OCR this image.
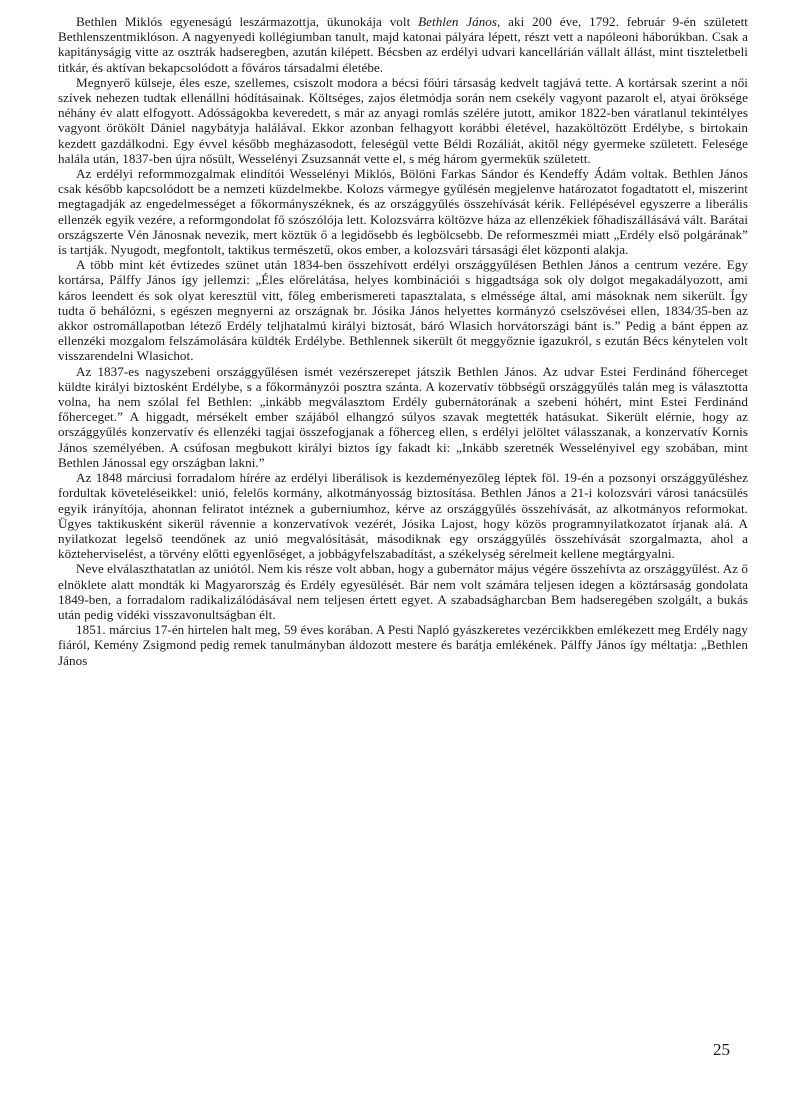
Bethlen Miklós egyeneságú leszármazottja, ükunokája volt Bethlen János, aki 200 éve, 1792. február 9-én született Bethlenszentmiklóson. A nagyenyedi kollégiumban tanult, majd katonai pályára lépett, részt vett a napóleoni háborúkban. Csak a kapitányságig vitte az osztrák hadseregben, azután kilépett. Bécsben az erdélyi udvari kancellárián vállalt állást, mint tiszteletbeli titkár, és aktívan bekapcsolódott a főváros társadalmi életébe.

Megnyerő külseje, éles esze, szellemes, csiszolt modora a bécsi főúri társaság kedvelt tagjává tette. A kortársak szerint a női szívek nehezen tudtak ellenállni hódításainak. Költséges, zajos életmódja során nem csekély vagyont pazarolt el, atyai öröksége néhány év alatt elfogyott. Adósságokba keveredett, s már az anyagi romlás szélére jutott, amikor 1822-ben váratlanul tekintélyes vagyont örökölt Dániel nagybátyja halálával. Ekkor azonban felhagyott korábbi életével, hazaköltözött Erdélybe, s birtokain kezdett gazdálkodni. Egy évvel később megházasodott, feleségül vette Béldi Rozáliát, akitől négy gyermeke született. Felesége halála után, 1837-ben újra nősült, Wesselényi Zsuzsannát vette el, s még három gyermekük született.

Az erdélyi reformmozgalmak elindítói Wesselényi Miklós, Bölöni Farkas Sándor és Kendeffy Ádám voltak. Bethlen János csak később kapcsolódott be a nemzeti küzdelmekbe. Kolozs vármegye gyűlésén megjelenve határozatot fogadtatott el, miszerint megtagadják az engedelmességet a főkormányszéknek, és az országgyűlés összehívását kérik. Fellépésével egyszerre a liberális ellenzék egyik vezére, a reformgondolat fő szószólója lett. Kolozsvárra költözve háza az ellenzékiek főhadiszállásává vált. Barátai országszerte Vén Jánosnak nevezik, mert köztük ő a legidősebb és legbölcsebb. De reformeszméi miatt „Erdély első polgárának” is tartják. Nyugodt, megfontolt, taktikus természetű, okos ember, a kolozsvári társasági élet központi alakja.

A több mint két évtizedes szünet után 1834-ben összehívott erdélyi országgyűlésen Bethlen János a centrum vezére. Egy kortársa, Pálffy János így jellemzi: „Éles előrelátása, helyes kombinációi s higgadtsága sok oly dolgot megakadályozott, ami káros leendett és sok olyat keresztül vitt, főleg emberismereti tapasztalata, s elméssége által, ami másoknak nem sikerült. Így tudta ő behálózni, s egészen megnyerni az országnak br. Jósika János helyettes kormányzó cselszövései ellen, 1834/35-ben az akkor ostromállapotban létező Erdély teljhatalmú királyi biztosát, báró Wlasich horvátországi bánt is.” Pedig a bánt éppen az ellenzéki mozgalom felszámolására küldték Erdélybe. Bethlennek sikerült őt meggyőznie igazukról, s ezután Bécs kénytelen volt visszarendelni Wlasichot.

Az 1837-es nagyszebeni országgyűlésen ismét vezérszerepet játszik Bethlen János. Az udvar Estei Ferdinánd főherceget küldte királyi biztosként Erdélybe, s a főkormányzói posztra szánta. A kozervatív többségű országgyűlés talán meg is választotta volna, ha nem szólal fel Bethlen: „inkább megválasztom Erdély gubernátorának a szebeni hóhért, mint Estei Ferdinánd főherceget.” A higgadt, mérsékelt ember szájából elhangzó súlyos szavak megtették hatásukat. Sikerült elérnie, hogy az országgyűlés konzervatív és ellenzéki tagjai összefogjanak a főherceg ellen, s erdélyi jelöltet válasszanak, a konzervatív Kornis János személyében. A csúfosan megbukott királyi biztos így fakadt ki: „Inkább szeretnék Wesselényivel egy szobában, mint Bethlen Jánossal egy országban lakni.”

Az 1848 márciusi forradalom hírére az erdélyi liberálisok is kezdeményezőleg léptek föl. 19-én a pozsonyi országgyűléshez fordultak követeléseikkel: unió, felelős kormány, alkotmányosság biztosítása. Bethlen János a 21-i kolozsvári városi tanácsülés egyik irányítója, ahonnan feliratot intéznek a guberniumhoz, kérve az országgyűlés összehívását, az alkotmányos reformokat. Ügyes taktikusként sikerül rávennie a konzervatívok vezérét, Jósika Lajost, hogy közös programnyilatkozatot írjanak alá. A nyilatkozat legelső teendőnek az unió megvalósítását, másodiknak egy országgyűlés összehívását szorgalmazta, ahol a közteherviselést, a törvény előtti egyenlőséget, a jobbágyfelszabadítást, a székelység sérelmeit kellene megtárgyalni.

Neve elválaszthatatlan az uniótól. Nem kis része volt abban, hogy a gubernátor május végére összehívta az országgyűlést. Az ő elnöklete alatt mondták ki Magyarország és Erdély egyesülését. Bár nem volt számára teljesen idegen a köztársaság gondolata 1849-ben, a forradalom radikalizálódásával nem teljesen értett egyet. A szabadságharcban Bem hadseregében szolgált, a bukás után pedig vidéki visszavonultságban élt.

1851. március 17-én hirtelen halt meg, 59 éves korában. A Pesti Napló gyászkeretes vezércikkben emlékezett meg Erdély nagy fiáról, Kemény Zsigmond pedig remek tanulmányban áldozott mestere és barátja emlékének. Pálffy János így méltatja: „Bethlen János

25
